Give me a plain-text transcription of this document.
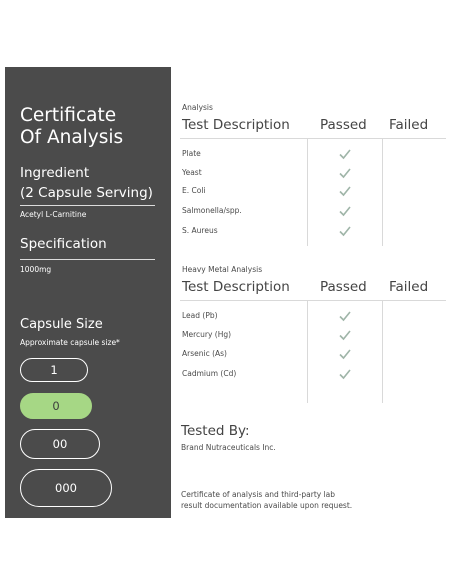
Certificate
Of Analysis
Ingredient
(2 Capsule Serving)
Acetyl L-Carnitine
Specification
1000mg
Capsule Size
Approximate capsule size*
1
0
00
000
Analysis
Test Description Passed Failed
Plate
Yeast
E. Coli
Salmonella/spp.
S. Aureus
Heavy Metal Analysis
Test Description Passed Failed
Lead (Pb)
Mercury (Hg)
Arsenic (As)
Cadmium (Cd)
Tested By:
Brand Nutraceuticals Inc.
Certificate of analysis and third-party lab
result documentation available upon request.
